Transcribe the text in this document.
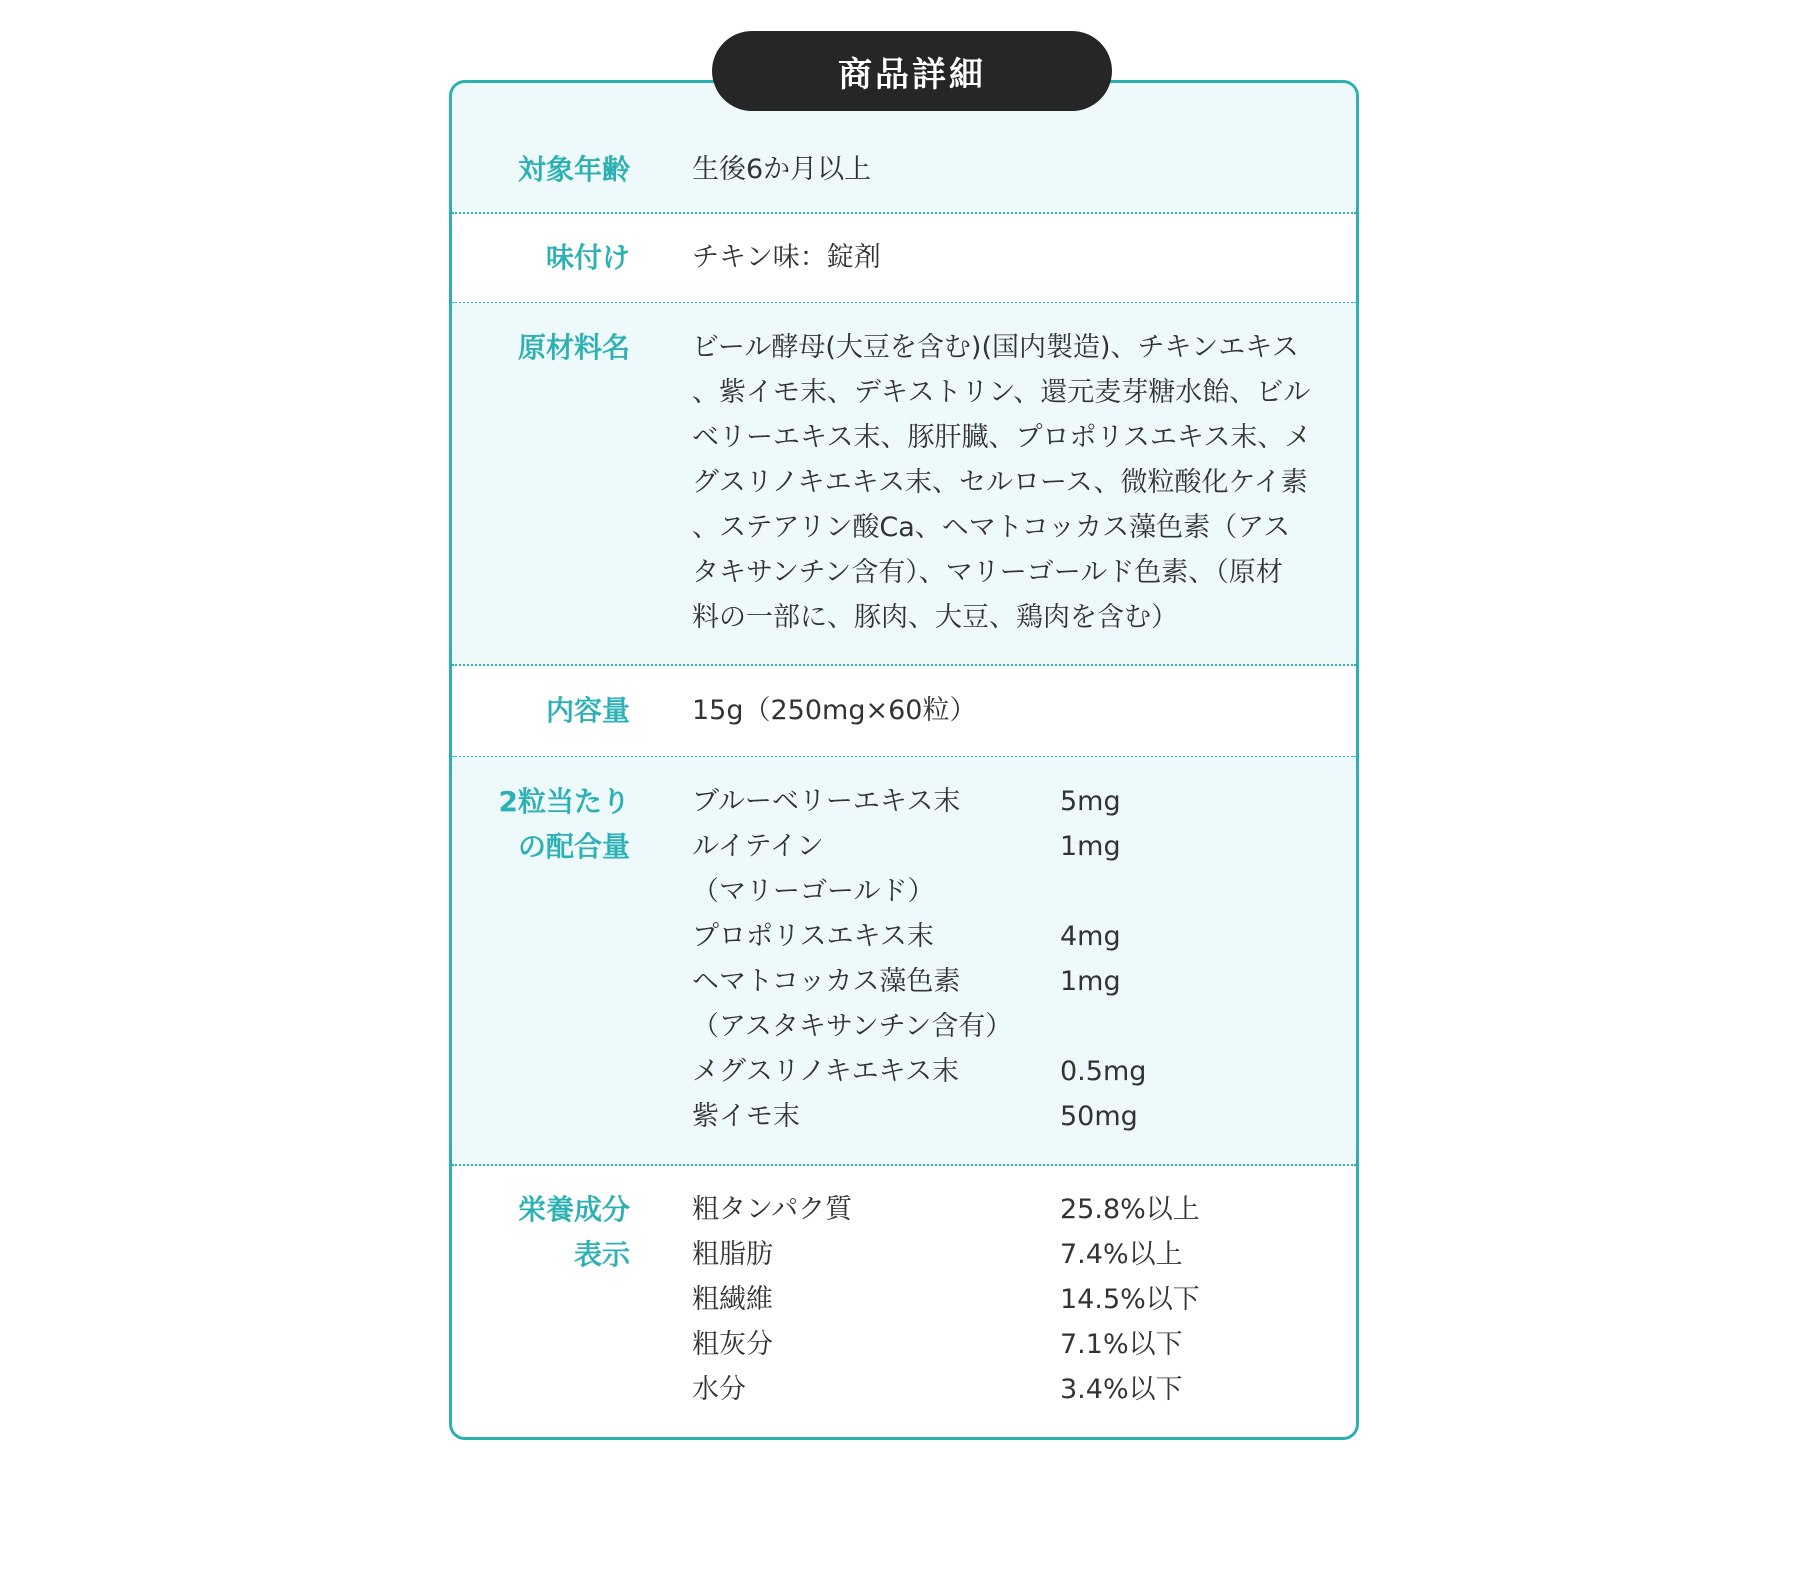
商品詳細
対象年齢 生後6か月以上
味付け チキン味：錠剤
原材料名 ビール酵母(大豆を含む)(国内製造)、チキンエキス
、紫イモ末、デキストリン、還元麦芽糖水飴、ビル
ベリーエキス末、豚肝臓、プロポリスエキス末、メ
グスリノキエキス末、セルロース、微粒酸化ケイ素
、ステアリン酸Ca、ヘマトコッカス藻色素（アス
タキサンチン含有）、マリーゴールド色素、（原材
料の一部に、豚肉、大豆、鶏肉を含む）
内容量 15g（250mg×60粒）
2粒当たり
の配合量
ブルーベリーエキス末	5mg
ルイテイン	1mg
（マリーゴールド）
プロポリスエキス末	4mg
ヘマトコッカス藻色素	1mg
（アスタキサンチン含有）
メグスリノキエキス末	0.5mg
紫イモ末	50mg
栄養成分
表示
粗タンパク質	25.8%以上
粗脂肪	7.4%以上
粗繊維	14.5%以下
粗灰分	7.1%以下
水分	3.4%以下
